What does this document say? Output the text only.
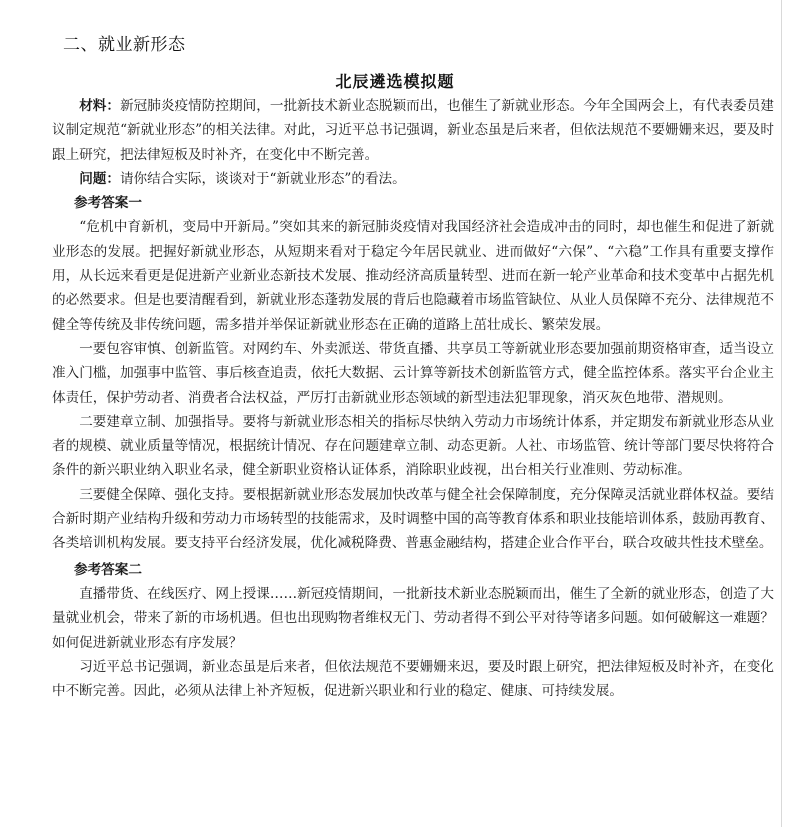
二、就业新形态
北辰遴选模拟题

材料：新冠肺炎疫情防控期间，一批新技术新业态脱颖而出，也催生了新就业形态。今年全国两会上，有代表委员建议制定规范“新就业形态”的相关法律。对此，习近平总书记强调，新业态虽是后来者，但依法规范不要姗姗来迟，要及时跟上研究，把法律短板及时补齐，在变化中不断完善。

问题：请你结合实际，谈谈对于“新就业形态”的看法。

参考答案一

“危机中育新机，变局中开新局。”突如其来的新冠肺炎疫情对我国经济社会造成冲击的同时，却也催生和促进了新就业形态的发展。把握好新就业形态，从短期来看对于稳定今年居民就业、进而做好“六保”、“六稳”工作具有重要支撑作用，从长远来看更是促进新产业新业态新技术发展、推动经济高质量转型、进而在新一轮产业革命和技术变革中占据先机的必然要求。但是也要清醒看到，新就业形态蓬勃发展的背后也隐藏着市场监管缺位、从业人员保障不充分、法律规范不健全等传统及非传统问题，需多措并举保证新就业形态在正确的道路上茁壮成长、繁荣发展。

一要包容审慎、创新监管。对网约车、外卖派送、带货直播、共享员工等新就业形态要加强前期资格审查，适当设立准入门槛，加强事中监管、事后核查追责，依托大数据、云计算等新技术创新监管方式，健全监控体系。落实平台企业主体责任，保护劳动者、消费者合法权益，严厉打击新就业形态领域的新型违法犯罪现象，消灭灰色地带、潜规则。

二要建章立制、加强指导。要将与新就业形态相关的指标尽快纳入劳动力市场统计体系，并定期发布新就业形态从业者的规模、就业质量等情况，根据统计情况、存在问题建章立制、动态更新。人社、市场监管、统计等部门要尽快将符合条件的新兴职业纳入职业名录，健全新职业资格认证体系，消除职业歧视，出台相关行业准则、劳动标准。

三要健全保障、强化支持。要根据新就业形态发展加快改革与健全社会保障制度，充分保障灵活就业群体权益。要结合新时期产业结构升级和劳动力市场转型的技能需求，及时调整中国的高等教育体系和职业技能培训体系，鼓励再教育、各类培训机构发展。要支持平台经济发展，优化减税降费、普惠金融结构，搭建企业合作平台，联合攻破共性技术壁垒。

参考答案二

直播带货、在线医疗、网上授课……新冠疫情期间，一批新技术新业态脱颖而出，催生了全新的就业形态，创造了大量就业机会，带来了新的市场机遇。但也出现购物者维权无门、劳动者得不到公平对待等诸多问题。如何破解这一难题？如何促进新就业形态有序发展？

习近平总书记强调，新业态虽是后来者，但依法规范不要姗姗来迟，要及时跟上研究，把法律短板及时补齐，在变化中不断完善。因此，必须从法律上补齐短板，促进新兴职业和行业的稳定、健康、可持续发展。
